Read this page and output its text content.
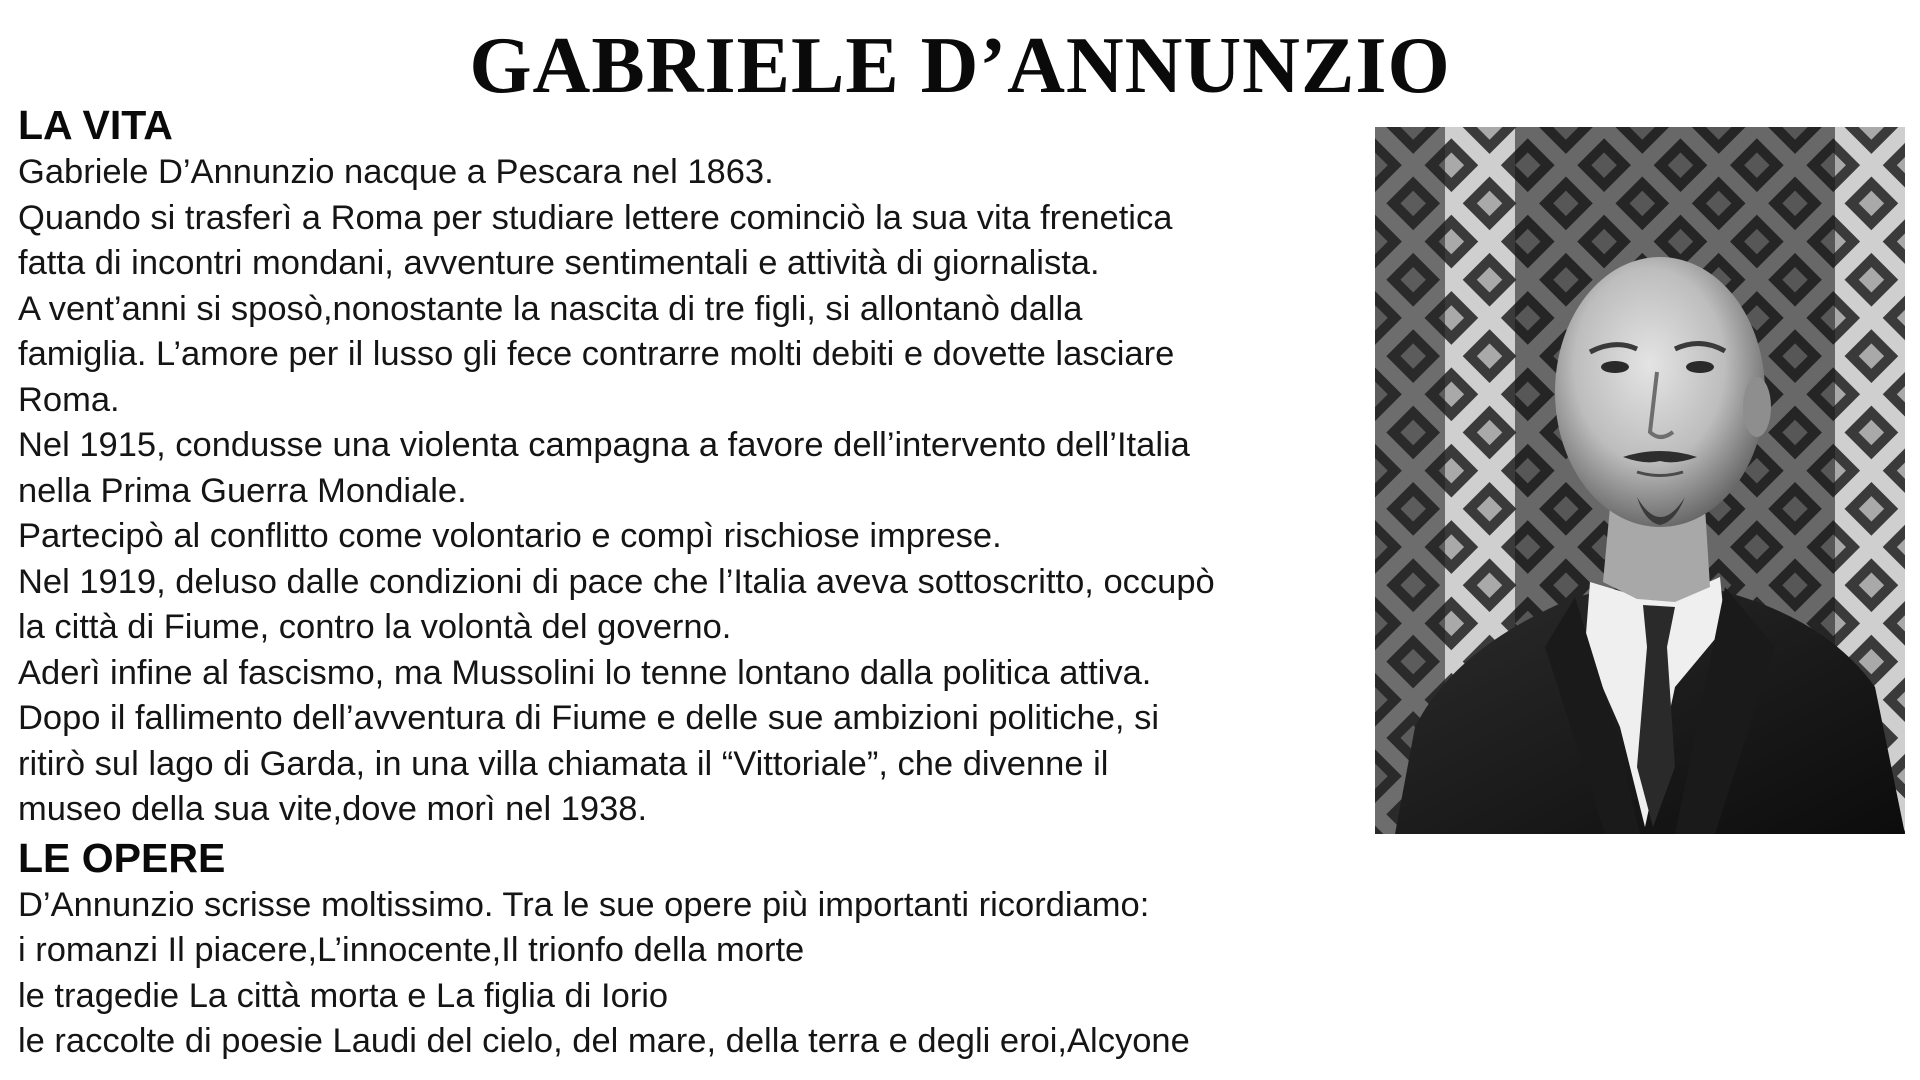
GABRIELE D’ANNUNZIO
LA VITA

Gabriele D’Annunzio nacque a Pescara nel 1863.

Quando si trasferì a Roma per studiare lettere cominciò la sua vita frenetica

fatta di incontri mondani, avventure sentimentali e attività di giornalista.

A vent’anni si sposò,nonostante la nascita di tre figli, si allontanò dalla

famiglia. L’amore per il lusso gli fece contrarre molti debiti e dovette lasciare

Roma.

Nel 1915, condusse una violenta campagna a favore dell’intervento dell’Italia

nella Prima Guerra Mondiale.

Partecipò al conflitto come volontario e compì rischiose imprese.

Nel 1919, deluso dalle condizioni di pace che l’Italia aveva sottoscritto, occupò

la città di Fiume, contro la volontà del governo.

Aderì infine al fascismo, ma Mussolini lo tenne lontano dalla politica attiva.

Dopo il fallimento dell’avventura di Fiume e delle sue ambizioni politiche, si

ritirò sul lago di Garda, in una villa chiamata il “Vittoriale”, che divenne il

museo della sua vite,dove morì nel 1938.

LE OPERE

D’Annunzio scrisse moltissimo. Tra le sue opere più importanti ricordiamo:

i romanzi Il piacere,L’innocente,Il trionfo della morte

le tragedie La città morta e La figlia di Iorio

le raccolte di poesie Laudi del cielo, del mare, della terra e degli eroi,Alcyone
